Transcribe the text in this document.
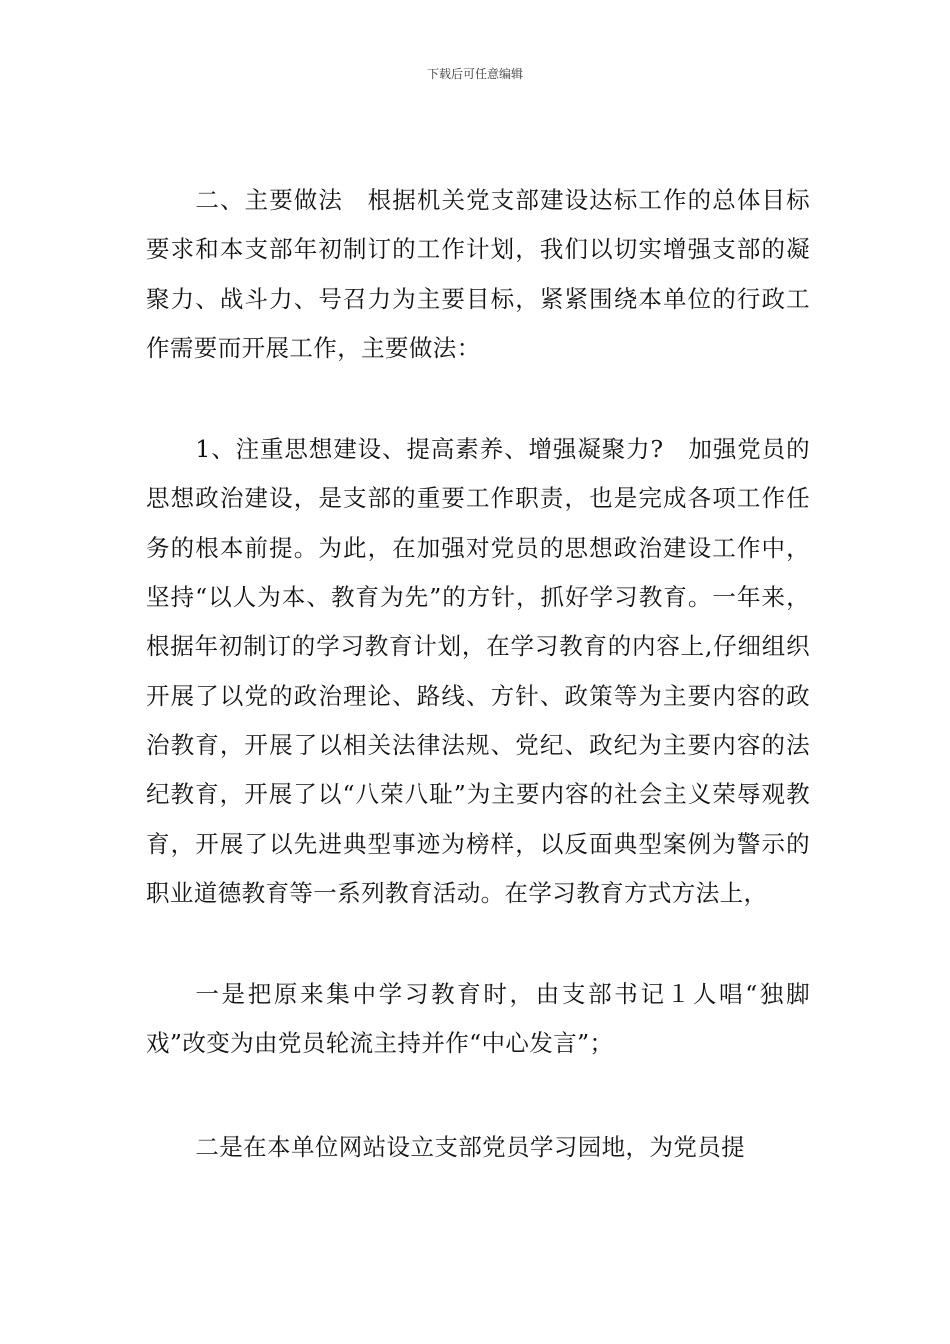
下载后可任意编辑

二、主要做法　根据机关党支部建设达标工作的总体目标要求和本支部年初制订的工作计划，我们以切实增强支部的凝聚力、战斗力、号召力为主要目标，紧紧围绕本单位的行政工作需要而开展工作，主要做法：

1、注重思想建设、提高素养、增强凝聚力?　加强党员的思想政治建设，是支部的重要工作职责，也是完成各项工作任务的根本前提。为此，在加强对党员的思想政治建设工作中，坚持“以人为本、教育为先”的方针，抓好学习教育。一年来，根据年初制订的学习教育计划，在学习教育的内容上,仔细组织开展了以党的政治理论、路线、方针、政策等为主要内容的政治教育，开展了以相关法律法规、党纪、政纪为主要内容的法纪教育，开展了以“八荣八耻”为主要内容的社会主义荣辱观教育，开展了以先进典型事迹为榜样，以反面典型案例为警示的职业道德教育等一系列教育活动。在学习教育方式方法上，

一是把原来集中学习教育时，由支部书记１人唱“独脚戏”改变为由党员轮流主持并作“中心发言”；

二是在本单位网站设立支部党员学习园地，为党员提
